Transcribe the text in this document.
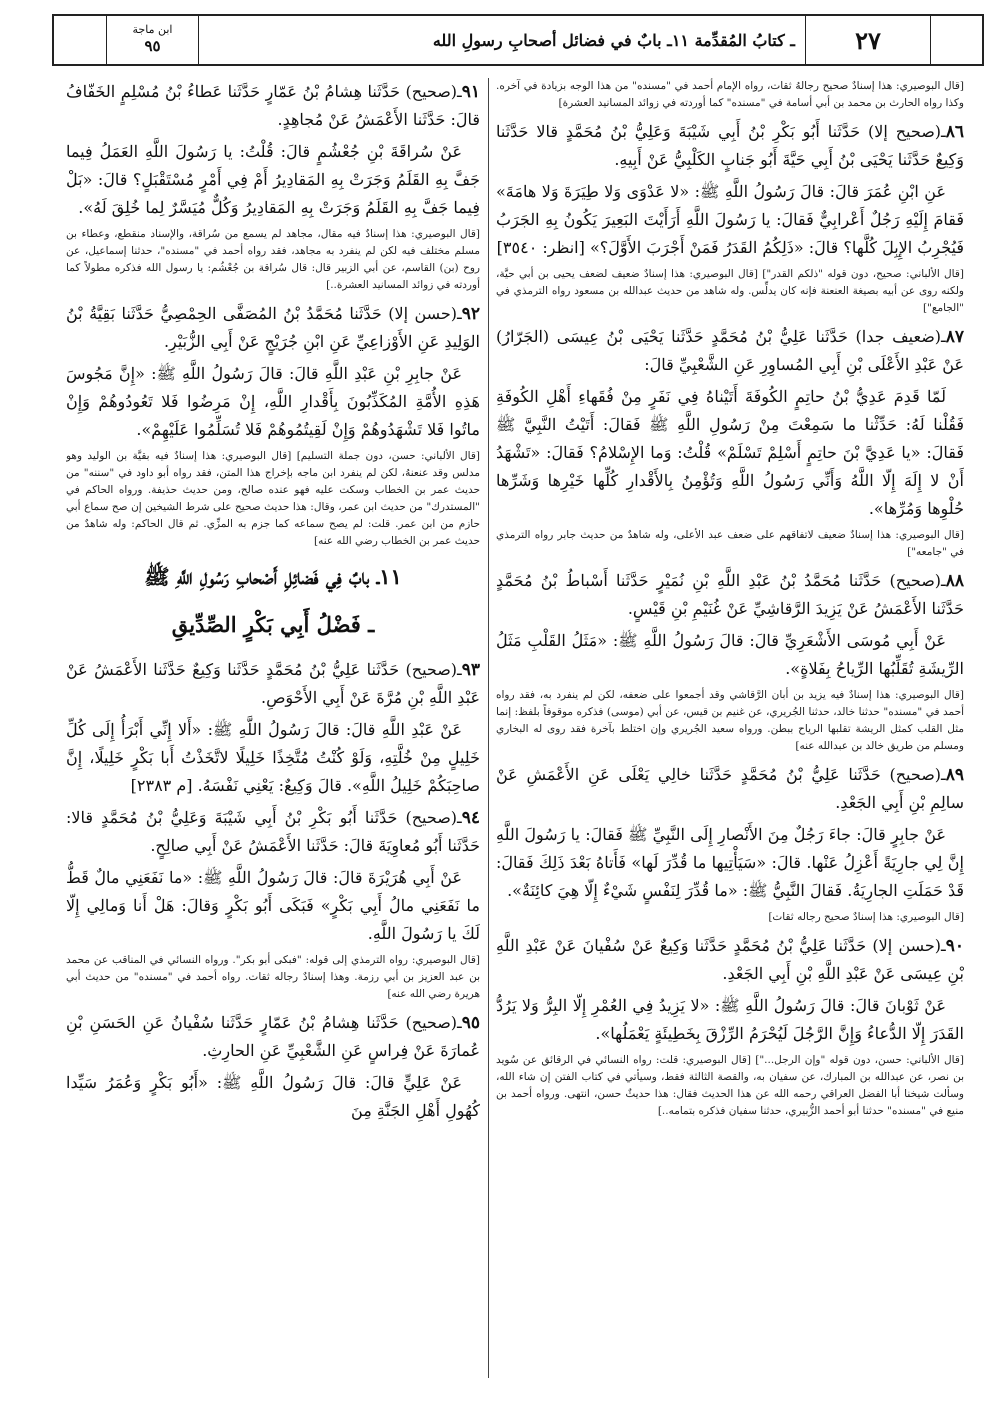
٢٧
ـ كتابُ المُقدِّمة ١١ـ بابٌ في فضائل أصحابِ رسولِ الله
ابن ماجة
٩٥
[قال البوصيري: هذا إسنادٌ صحيح رجالهُ ثقات، رواه الإمام أحمد في "مسنده" من هذا الوجه بزيادة في آخره. وكذا رواه الحارث بن محمد بن أبي أسامة في "مسنده" كما أوردته في زوائد المسانيد العشرة]
٨٦ـ(صحيح إلا) حَدَّثَنا أَبُو بَكْرِ بْنُ أَبِي شَيْبَةَ وَعَلِيُّ بْنُ مُحَمَّدٍ قالا حَدَّثَنا وَكِيعٌ حَدَّثَنا يَحْيَى بْنُ أَبِي حَيَّةَ أَبُو جَنابٍ الكَلْبِيُّ عَنْ أَبِيهِ.
عَنِ ابْنِ عُمَرَ قالَ: قالَ رَسُولُ اللَّهِ ﷺ: «لا عَدْوَى وَلا طِيَرَةَ وَلا هامَةَ» فَقامَ إِلَيْهِ رَجُلٌ أَعْرابِيٌّ فَقالَ: يا رَسُولَ اللَّهِ أَرَأَيْتَ البَعِيرَ يَكُونُ بِهِ الجَرَبُ فَيُجْرِبُ الإِبِلَ كُلَّها؟ قالَ: «ذَلِكُمُ القَدَرُ فَمَنْ أَجْرَبَ الأَوَّلَ؟» [انظر: ٣٥٤٠]
[قال الألباني: صحيح، دون قوله "ذلكم القدر"] [قال البوصيري: هذا إسنادٌ ضعيف لضعف يحيى بن أبي حيَّة، ولكنه روى عن أبيه بصيغة العنعنة فإنه كان يدلِّس. وله شاهد من حديث عبدالله بن مسعود رواه الترمذي في "الجامع"]
٨٧ـ(ضعيف جدا) حَدَّثَنا عَلِيُّ بْنُ مُحَمَّدٍ حَدَّثَنا يَحْيَى بْنُ عِيسَى (الجَرّارُ) عَنْ عَبْدِ الأَعْلَى بْنِ أَبِي المُساوِرِ عَنِ الشَّعْبِيِّ قالَ:
لَمّا قَدِمَ عَدِيُّ بْنُ حاتِمٍ الكُوفَةَ أَتَيْناهُ فِي نَفَرٍ مِنْ فُقَهاءِ أَهْلِ الكُوفَةِ فَقُلْنا لَهُ: حَدِّثْنا ما سَمِعْتَ مِنْ رَسُولِ اللَّهِ ﷺ فَقالَ: أَتَيْتُ النَّبِيَّ ﷺ فَقالَ: «يا عَدِيَّ بْنَ حاتِمٍ أَسْلِمْ تَسْلَمْ» قُلْتُ: وَما الإِسْلامُ؟ فَقالَ: «تَشْهَدُ أَنْ لا إِلَهَ إِلّا اللَّهُ وَأَنِّي رَسُولُ اللَّهِ وَتُؤْمِنُ بِالأَقْدارِ كُلِّها خَيْرِها وَشَرِّها حُلْوِها وَمُرِّها».
[قال البوصيري: هذا إسنادٌ ضعيف لاتفاقهم على ضعف عبد الأعلى، وله شاهدٌ من حديث جابر رواه الترمذي في "جامعه"]
٨٨ـ(صحيح) حَدَّثَنا مُحَمَّدُ بْنُ عَبْدِ اللَّهِ بْنِ نُمَيْرٍ حَدَّثَنا أَسْباطُ بْنُ مُحَمَّدٍ حَدَّثَنا الأَعْمَشُ عَنْ يَزِيدَ الرَّقاشِيِّ عَنْ غُنَيْمِ بْنِ قَيْسٍ.
عَنْ أَبِي مُوسَى الأَشْعَرِيِّ قالَ: قالَ رَسُولُ اللَّهِ ﷺ: «مَثَلُ القَلْبِ مَثَلُ الرِّيشَةِ تُقَلِّبُها الرِّياحُ بِفَلاةٍ».
[قال البوصيري: هذا إسنادٌ فيه يزيد بن أبان الرَّقاشي وقد أجمعوا على ضعفه، لكن لم ينفرد به، فقد رواه أحمد في "مسنده" حدثنا خالد، حدثنا الجُريري، عن غنيم بن قيس، عن أبي (موسى) فذكره موقوفاً بلفظ: إنما مثل القلب كمثل الريشة تقلبها الرياح ببطن. ورواه سعيد الجُريري وإن اختلط بآخرة فقد روى له البخاري ومسلم من طريق خالد بن عبدالله عنه]
٨٩ـ(صحيح) حَدَّثَنا عَلِيُّ بْنُ مُحَمَّدٍ حَدَّثَنا خالِي يَعْلَى عَنِ الأَعْمَشِ عَنْ سالِمِ بْنِ أَبِي الجَعْدِ.
عَنْ جابِرٍ قالَ: جاءَ رَجُلٌ مِنَ الأَنْصارِ إِلَى النَّبِيِّ ﷺ فَقالَ: يا رَسُولَ اللَّهِ إِنَّ لِي جارِيَةً أَعْزِلُ عَنْها. قالَ: «سَيَأْتِيها ما قُدِّرَ لَها» فَأَتاهُ بَعْدَ ذَلِكَ فَقالَ: قَدْ حَمَلَتِ الجارِيَةُ. فَقالَ النَّبِيُّ ﷺ: «ما قُدِّرَ لِنَفْسٍ شَيْءٌ إِلّا هِيَ كائِنَةٌ».
[قال البوصيري: هذا إسنادٌ صحيح رجاله ثقات]
٩٠ـ(حسن إلا) حَدَّثَنا عَلِيُّ بْنُ مُحَمَّدٍ حَدَّثَنا وَكِيعٌ عَنْ سُفْيانَ عَنْ عَبْدِ اللَّهِ بْنِ عِيسَى عَنْ عَبْدِ اللَّهِ بْنِ أَبِي الجَعْدِ.
عَنْ ثَوْبانَ قالَ: قالَ رَسُولُ اللَّهِ ﷺ: «لا يَزِيدُ فِي العُمْرِ إِلّا البِرُّ وَلا يَرُدُّ القَدَرَ إِلّا الدُّعاءُ وَإِنَّ الرَّجُلَ لَيُحْرَمُ الرِّزْقَ بِخَطِيئَةٍ يَعْمَلُها».
[قال الألباني: حسن، دون قوله "وإن الرجل..."] [قال البوصيري: قلت: رواه النسائي في الرقائق عن سُويد بن نصر، عن عبدالله بن المبارك، عن سفيان به، والقصة الثالثة فقط، وسيأتي في كتاب الفتن إن شاء الله، وسألت شيخنا أبا الفضل العراقي رحمه الله عن هذا الحديث فقال: هذا حديثٌ حسن، انتهى. ورواه أحمد بن منيع في "مسنده" حدثنا أبو أحمد الزُّبيري، حدثنا سفيان فذكره بتمامه..]
٩١ـ(صحيح) حَدَّثَنا هِشامُ بْنُ عَمّارٍ حَدَّثَنا عَطاءُ بْنُ مُسْلِمٍ الخَفّافُ قالَ: حَدَّثَنا الأَعْمَشُ عَنْ مُجاهِدٍ.
عَنْ سُراقَةَ بْنِ جُعْشُمٍ قالَ: قُلْتُ: يا رَسُولَ اللَّهِ العَمَلُ فِيما جَفَّ بِهِ القَلَمُ وَجَرَتْ بِهِ المَقادِيرُ أَمْ فِي أَمْرٍ مُسْتَقْبَلٍ؟ قالَ: «بَلْ فِيما جَفَّ بِهِ القَلَمُ وَجَرَتْ بِهِ المَقادِيرُ وَكُلٌّ مُيَسَّرٌ لِما خُلِقَ لَهُ».
[قال البوصيري: هذا إسنادٌ فيه مقال، مجاهد لم يسمع من سُراقة، والإسناد منقطع، وعطاء بن مسلم مختلف فيه لكن لم ينفرد به مجاهد، فقد رواه أحمد في "مسنده"، حدثنا إسماعيل، عن روح (بن) القاسم، عن أبي الزبير قال: قال سُراقة بن جُعْشُم: يا رسول الله فذكره مطولاً كما أوردته في زوائد المسانيد العشرة..]
٩٢ـ(حسن إلا) حَدَّثَنا مُحَمَّدُ بْنُ المُصَفَّى الحِمْصِيُّ حَدَّثَنا بَقِيَّةُ بْنُ الوَلِيدِ عَنِ الأَوْزاعِيِّ عَنِ ابْنِ جُرَيْجٍ عَنْ أَبِي الزُّبَيْرِ.
عَنْ جابِرِ بْنِ عَبْدِ اللَّهِ قالَ: قالَ رَسُولُ اللَّهِ ﷺ: «إِنَّ مَجُوسَ هَذِهِ الأُمَّةِ المُكَذِّبُونَ بِأَقْدارِ اللَّهِ، إِنْ مَرِضُوا فَلا تَعُودُوهُمْ وَإِنْ ماتُوا فَلا تَشْهَدُوهُمْ وَإِنْ لَقِيتُمُوهُمْ فَلا تُسَلِّمُوا عَلَيْهِمْ».
[قال الألباني: حسن، دون جملة التسليم] [قال البوصيري: هذا إسنادٌ فيه بقيَّة بن الوليد وهو مدلس وقد عنعنهُ، لكن لم ينفرد ابن ماجه بإخراج هذا المتن، فقد رواه أبو داود في "سننه" من حديث عمر بن الخطاب وسكت عليه فهو عنده صالح، ومن حديث حذيفة. ورواه الحاكم في "المستدرك" من حديث ابن عمر، وقال: هذا حديث صحيح على شرط الشيخين إن صح سماع أبي حازم من ابن عمر. قلت: لم يصح سماعه كما جزم به المزِّي. ثم قال الحاكم: وله شاهدٌ من حديث عمر بن الخطاب رضي الله عنه]
١١ـ بابٌ فِي فَضائِلِ أَصْحابِ رَسُولِ اللَّهِ ﷺ
ـ فَضْلُ أَبِي بَكْرٍ الصِّدِّيقِ
٩٣ـ(صحيح) حَدَّثَنا عَلِيُّ بْنُ مُحَمَّدٍ حَدَّثَنا وَكِيعٌ حَدَّثَنا الأَعْمَشُ عَنْ عَبْدِ اللَّهِ بْنِ مُرَّةَ عَنْ أَبِي الأَحْوَصِ.
عَنْ عَبْدِ اللَّهِ قالَ: قالَ رَسُولُ اللَّهِ ﷺ: «أَلا إِنِّي أَبْرَأُ إِلَى كُلِّ خَلِيلٍ مِنْ خُلَّتِهِ، وَلَوْ كُنْتُ مُتَّخِذًا خَلِيلًا لاتَّخَذْتُ أَبا بَكْرٍ خَلِيلًا، إِنَّ صاحِبَكُمْ خَلِيلُ اللَّهِ». قالَ وَكِيعٌ: يَعْنِي نَفْسَهُ. [م ٢٣٨٣]
٩٤ـ(صحيح) حَدَّثَنا أَبُو بَكْرِ بْنُ أَبِي شَيْبَةَ وَعَلِيُّ بْنُ مُحَمَّدٍ قالا: حَدَّثَنا أَبُو مُعاوِيَةَ قالَ: حَدَّثَنا الأَعْمَشُ عَنْ أَبِي صالِحٍ.
عَنْ أَبِي هُرَيْرَةَ قالَ: قالَ رَسُولُ اللَّهِ ﷺ: «ما نَفَعَنِي مالٌ قَطُّ ما نَفَعَنِي مالُ أَبِي بَكْرٍ» فَبَكَى أَبُو بَكْرٍ وَقالَ: هَلْ أَنا وَمالِي إِلّا لَكَ يا رَسُولَ اللَّهِ.
[قال البوصيري: رواه الترمذي إلى قوله: "فبكى أبو بكر". ورواه النسائي في المناقب عن محمد بن عبد العزيز بن أبي رزمة. وهذا إسنادٌ رجاله ثقات. رواه أحمد في "مسنده" من حديث أبي هريرة رضي الله عنه]
٩٥ـ(صحيح) حَدَّثَنا هِشامُ بْنُ عَمّارٍ حَدَّثَنا سُفْيانُ عَنِ الحَسَنِ بْنِ عُمارَةَ عَنْ فِراسٍ عَنِ الشَّعْبِيِّ عَنِ الحارِثِ.
عَنْ عَلِيٍّ قالَ: قالَ رَسُولُ اللَّهِ ﷺ: «أَبُو بَكْرٍ وَعُمَرُ سَيِّدا كُهُولِ أَهْلِ الجَنَّةِ مِنَ
